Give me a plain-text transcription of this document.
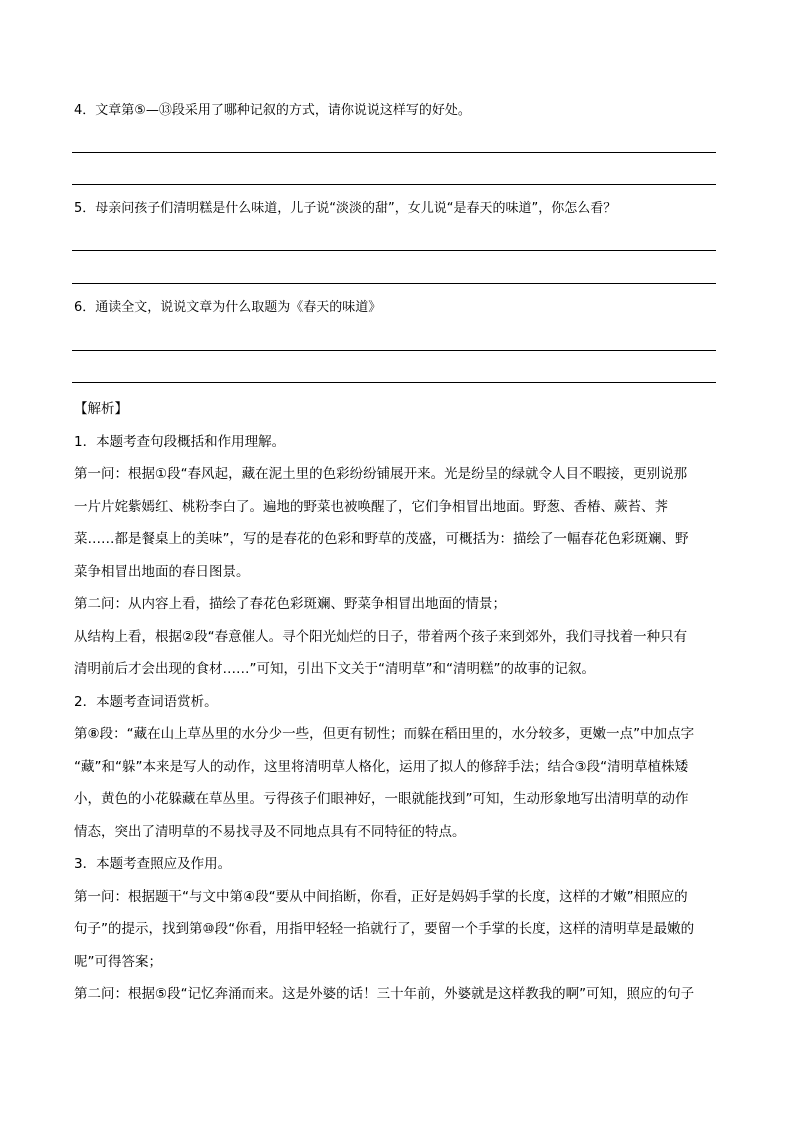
4．文章第⑤—⑬段采用了哪种记叙的方式，请你说说这样写的好处。
5．母亲问孩子们清明糕是什么味道，儿子说“淡淡的甜”，女儿说“是春天的味道”，你怎么看？
6．通读全文，说说文章为什么取题为《春天的味道》
【解析】
1．本题考查句段概括和作用理解。
第一问：根据①段“春风起，藏在泥土里的色彩纷纷铺展开来。光是纷呈的绿就令人目不暇接，更别说那
一片片姹紫嫣红、桃粉李白了。遍地的野菜也被唤醒了，它们争相冒出地面。野葱、香椿、蕨苔、荠
菜……都是餐桌上的美味”，写的是春花的色彩和野草的茂盛，可概括为：描绘了一幅春花色彩斑斓、野
菜争相冒出地面的春日图景。
第二问：从内容上看，描绘了春花色彩斑斓、野菜争相冒出地面的情景；
从结构上看，根据②段“春意催人。寻个阳光灿烂的日子，带着两个孩子来到郊外，我们寻找着一种只有
清明前后才会出现的食材……”可知，引出下文关于“清明草”和“清明糕”的故事的记叙。
2．本题考查词语赏析。
第⑧段：“藏在山上草丛里的水分少一些，但更有韧性；而躲在稻田里的，水分较多，更嫩一点”中加点字
“藏”和“躲”本来是写人的动作，这里将清明草人格化，运用了拟人的修辞手法；结合③段“清明草植株矮
小，黄色的小花躲藏在草丛里。亏得孩子们眼神好，一眼就能找到”可知，生动形象地写出清明草的动作
情态，突出了清明草的不易找寻及不同地点具有不同特征的特点。
3．本题考查照应及作用。
第一问：根据题干“与文中第④段“要从中间掐断，你看，正好是妈妈手掌的长度，这样的才嫩”相照应的
句子”的提示，找到第⑩段“你看，用指甲轻轻一掐就行了，要留一个手掌的长度，这样的清明草是最嫩的
呢”可得答案；
第二问：根据⑤段“记忆奔涌而来。这是外婆的话！三十年前，外婆就是这样教我的啊”可知，照应的句子
